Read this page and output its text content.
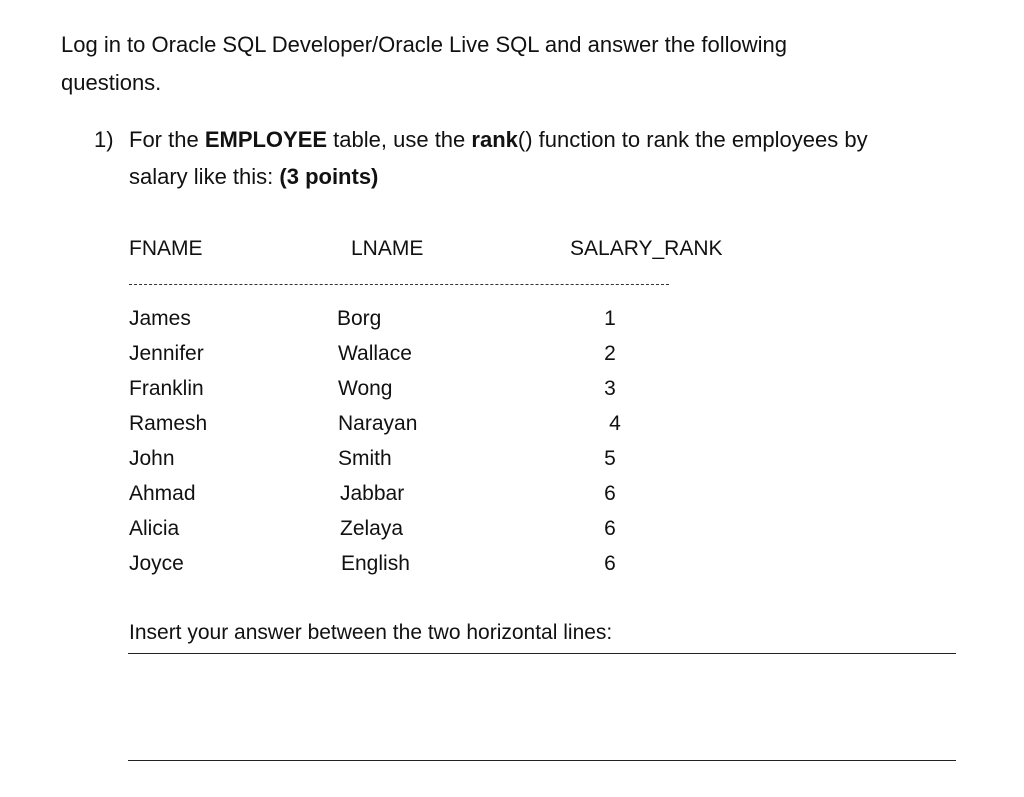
Log in to Oracle SQL Developer/Oracle Live SQL and answer the following
questions.
1) For the EMPLOYEE table, use the rank() function to rank the employees by
salary like this: (3 points)
FNAME	LNAME	SALARY_RANK
James	Borg	1
Jennifer	Wallace	2
Franklin	Wong	3
Ramesh	Narayan	4
John	Smith	5
Ahmad	Jabbar	6
Alicia	Zelaya	6
Joyce	English	6
Insert your answer between the two horizontal lines:
